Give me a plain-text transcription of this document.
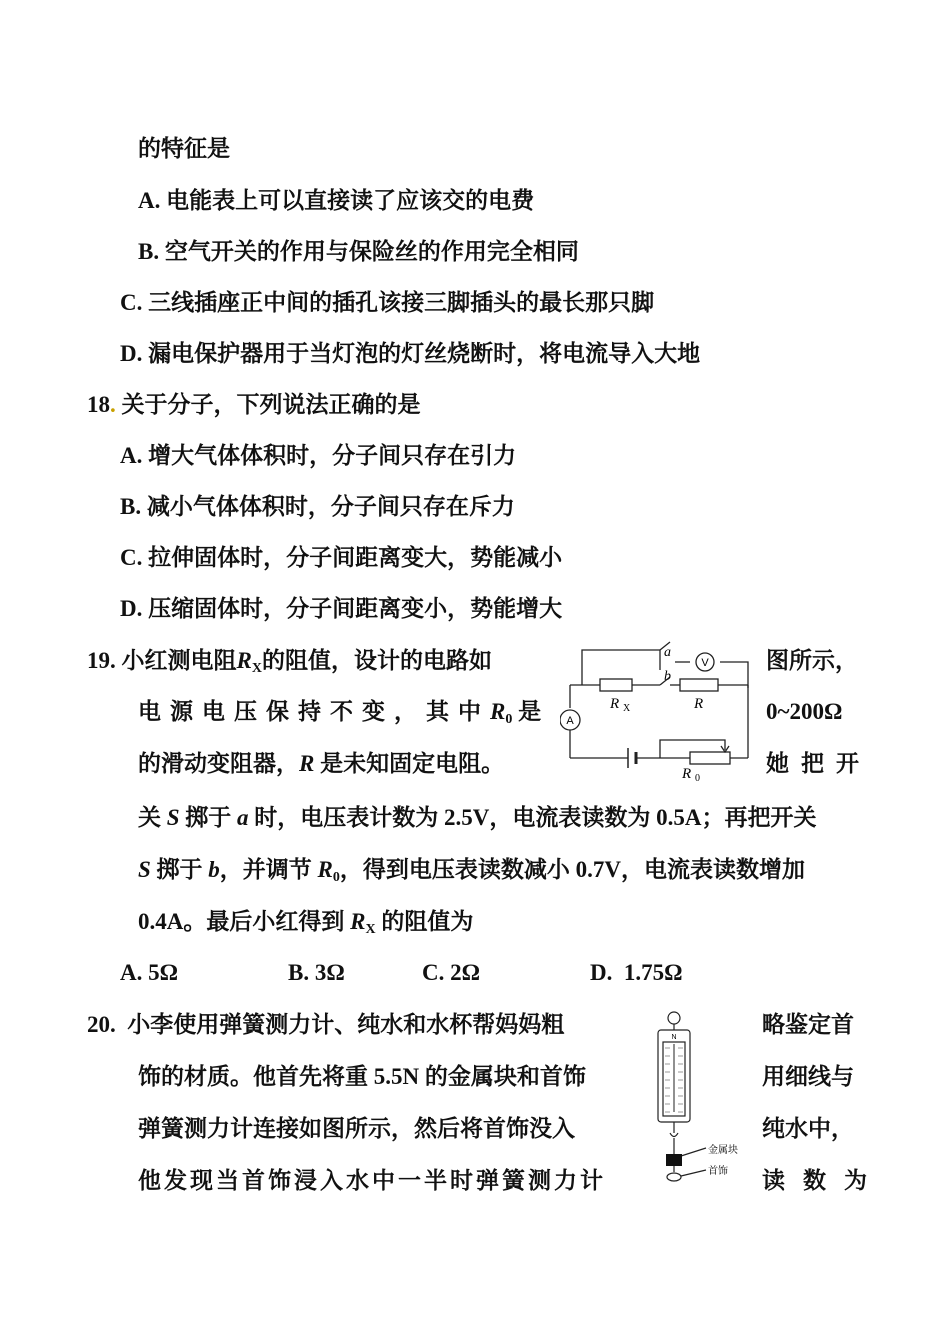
的特征是
A. 电能表上可以直接读了应该交的电费
B. 空气开关的作用与保险丝的作用完全相同
C. 三线插座正中间的插孔该接三脚插头的最长那只脚
D. 漏电保护器用于当灯泡的灯丝烧断时，将电流导入大地
18. 关于分子，下列说法正确的是
A. 增大气体体积时，分子间只存在引力
B. 减小气体体积时，分子间只存在斥力
C. 拉伸固体时，分子间距离变大，势能减小
D. 压缩固体时，分子间距离变小，势能增大
19. 小红测电阻$R_X$的阻值，设计的电路如	图所示，
电源电压保持不变，其中$R_0$ 是	0~200Ω
的滑动变阻器，R 是未知固定电阻。	她把开
关 S 掷于 a 时，电压表计数为 2.5V，电流表读数为 0.5A；再把开关
S 掷于 b，并调节 $R_0$，得到电压表读数减小 0.7V，电流表读数增加
0.4A。最后小红得到 $R_X$ 的阻值为
A. 5Ω	B. 3Ω	C. 2Ω	D. 1.75Ω
V
A
a
b
R X	R
R 0
20. 小李使用弹簧测力计、纯水和水杯帮妈妈粗	略鉴定首
饰的材质。他首先将重 5.5N 的金属块和首饰	用细线与
弹簧测力计连接如图所示，然后将首饰没入	纯水中，
他发现当首饰浸入水中一半时弹簧测力计	读数为
N
金属块
首饰
